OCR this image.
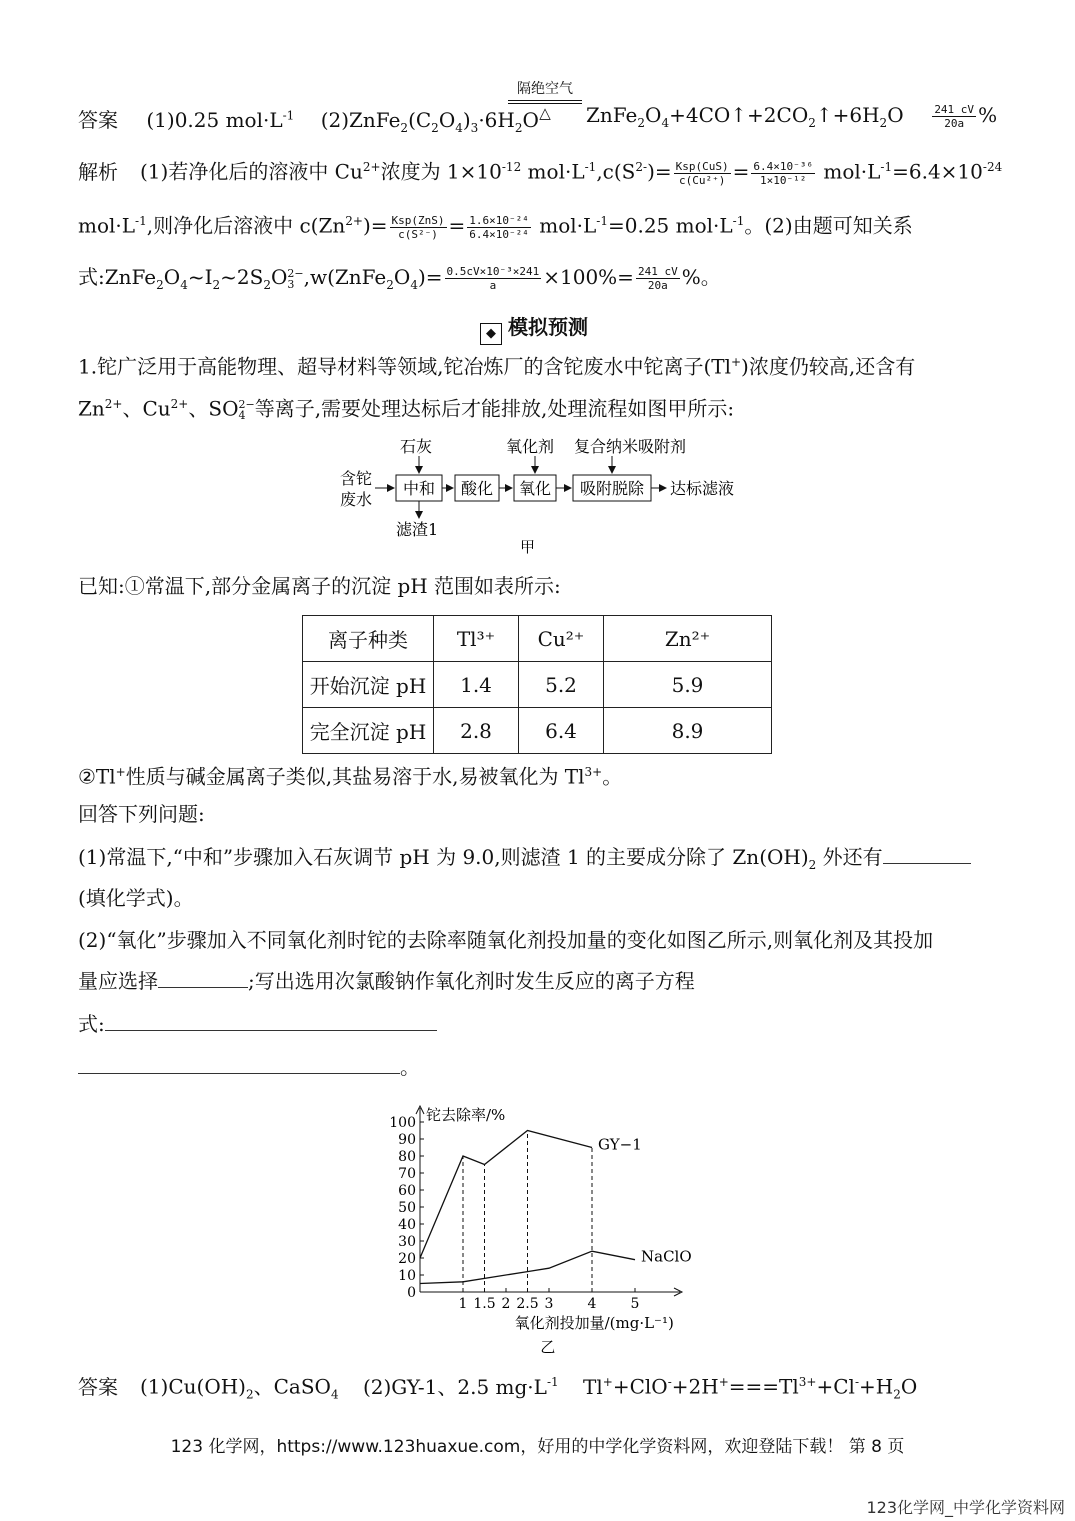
答案 (1)0.25 $mol\cdot L^{-1}$ $(2)ZnFe_2(C_2O_4)_3\cdot 6H_2O$
隔绝空气
△	$ZnFe_2O_4+4CO↑+2CO_2↑+6H_2O$	$\frac{241 cV}{20a}$ %
解析 (1)若净化后的溶液中 $Cu^{2+}$浓度为 $1\times 10^{-12}$ $mol\cdot L^{-1},c(S^{2-})= \frac{\text{Ksp(CuS)}}{\text{c(Cu²⁺)}} = \frac{\text{6.4×10⁻³⁶}}{\text{1×10⁻¹²}} mol\cdot L^{-1}=6.4\times 10^{-24}$
$mol\cdot L^{-1}$,则净化后溶液中 $c(Zn^{2+})= \frac{\text{Ksp(ZnS)}}{\text{c(S²⁻)}} = \frac{\text{1.6×10⁻²⁴}}{\text{6.4×10⁻²⁴}} mol\cdot L^{-1}=0.25$ $mol\cdot L^{-1}$。(2)由题可知关系
式$:ZnFe_2O_4\sim I_2\sim 2S_2O$ 2−
3 $,w(ZnFe_2O_4)= \frac{\text{0.5cV×10⁻³×241}}{a} \times 100\%= \frac{241 cV}{20a}$ %。
◆ 模拟预测
1.铊广泛用于高能物理、超导材料等领域,铊冶炼厂的含铊废水中铊离子(Tl+)浓度仍较高,还含有
$Zn^{2+}$、$Cu^{2+}$、SO 2−
4 等离子,需要处理达标后才能排放,处理流程如图甲所示:
含铊
废水
中和 酸化 氧化 吸附脱除 达标滤液
石灰	氧化剂 复合纳米吸附剂
滤渣1
甲
已知:①常温下,部分金属离子的沉淀 pH 范围如表所示:
离子种类	Tl³⁺	Cu²⁺	Zn²⁺
开始沉淀 pH	1.4	5.2	5.9
完全沉淀 pH	2.8	6.4	8.9
②Tl+性质与碱金属离子类似,其盐易溶于水,易被氧化为 $Tl^{3+}$。
回答下列问题:
(1)常温下,“中和”步骤加入石灰调节 pH 为 9.0,则滤渣 1 的主要成分除了 $Zn(OH)_2$ 外还有
(填化学式)。
(2)“氧化”步骤加入不同氧化剂时铊的去除率随氧化剂投加量的变化如图乙所示,则氧化剂及其投加
量应选择	;写出选用次氯酸钠作氧化剂时发生反应的离子方程
式:
。
0
10
20
30
40
50
60
70
80
90
100
1 1.5 2 2.5 3 4 5
GY−1
NaClO
铊去除率/%
氧化剂投加量/(mg·L⁻¹)
乙
答案 $(1)Cu(OH)_2$、CaSO$_4$ (2)GY-1、2.5 $mg\cdot L^{-1}$ $Tl^++ClO^-+2H^+===Tl^{3+}+Cl^-+H_2O$
123 化学网，https://www.123huaxue.com，好用的中学化学资料网，欢迎登陆下载！ 第 8 页
123化学网_中学化学资料网
